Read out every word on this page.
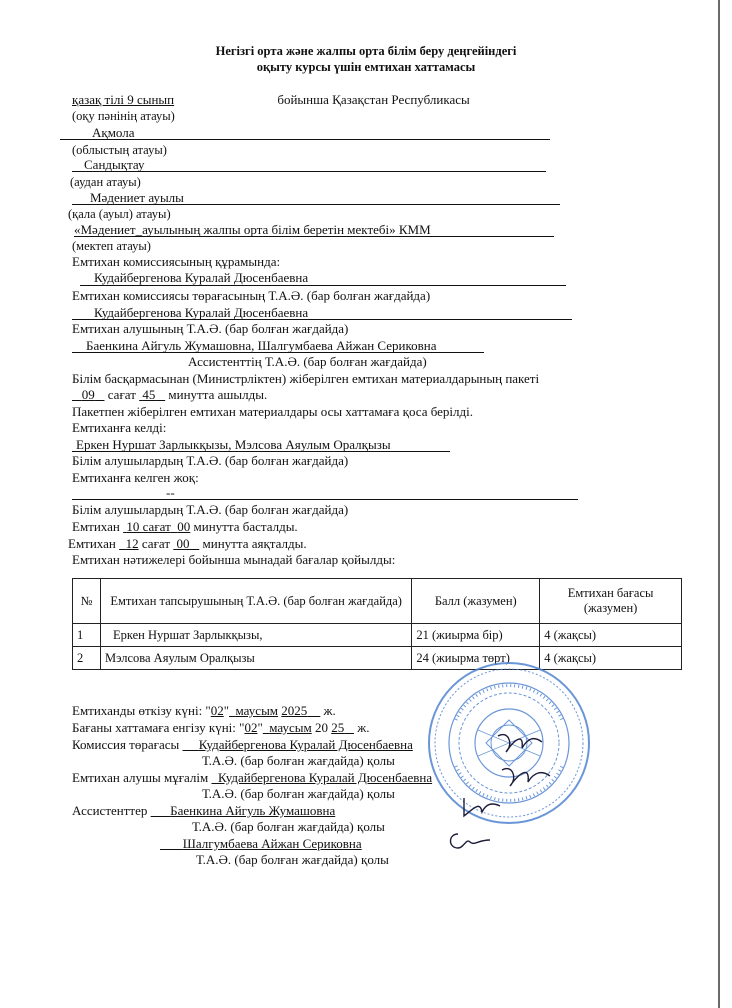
Негізгі орта және жалпы орта білім беру деңгейіндегі
оқыту курсы үшін емтихан хаттамасы
қазақ тілі 9 сынып	бойынша Қазақстан Республикасы
(оқу пәнінің атауы)
Ақмола
(облыстың атауы)
Сандықтау
(аудан атауы)
Мәдениет ауылы
(қала (ауыл) атауы)
«Мәдениет_ауылының жалпы орта білім беретін мектебі» КММ
(мектеп атауы)
Емтихан комиссиясының құрамында:
Кудайбергенова Куралай Дюсенбаевна
Емтихан комиссиясы төрағасының Т.А.Ә. (бар болған жағдайда)
Кудайбергенова Куралай Дюсенбаевна
Емтихан алушының Т.А.Ә. (бар болған жағдайда)
Баенкина Айгуль Жумашовна, Шалгумбаева Айжан Сериковна
Ассистенттің Т.А.Ә. (бар болған жағдайда)
Білім басқармасынан (Министрліктен) жіберілген емтихан материалдарының пакеті
09 сағат 45 минутта ашылды.
Пакетпен жіберілген емтихан материалдары осы хаттамаға қоса берілді.
Емтиханға келді:
Еркен Нуршат Зарлыкқызы, Мэлсова Аяулым Оралқызы
Білім алушылардың Т.А.Ә. (бар болған жағдайда)
Емтиханға келген жоқ:
--
Білім алушылардың Т.А.Ә. (бар болған жағдайда)
Емтихан 10 сағат 00 минутта басталды.
Емтихан 12 сағат 00 минутта аяқталды.
Емтихан нәтижелері бойынша мынадай бағалар қойылды:
№	Емтихан тапсырушының Т.А.Ә. (бар болған жағдайда)	Балл (жазумен)	Емтихан бағасы (жазумен)
1	Еркен Нуршат Зарлыкқызы,	21 (жиырма бір)	4 (жақсы)
2	Мэлсова Аяулым Оралқызы	24 (жиырма төрт)	4 (жақсы)
Емтиханды өткізу күні: "02" маусым 2025 ж.
Бағаны хаттамаға енгізу күні: "02" маусым 20 25 ж.
Комиссия төрағасы Кудайбергенова Куралай Дюсенбаевна
Т.А.Ә. (бар болған жағдайда) қолы
Емтихан алушы мұғалім Кудайбергенова Куралай Дюсенбаевна
Т.А.Ә. (бар болған жағдайда) қолы
Ассистенттер Баенкина Айгуль Жумашовна
Т.А.Ә. (бар болған жағдайда) қолы
Шалгумбаева Айжан Сериковна
Т.А.Ә. (бар болған жағдайда) қолы
